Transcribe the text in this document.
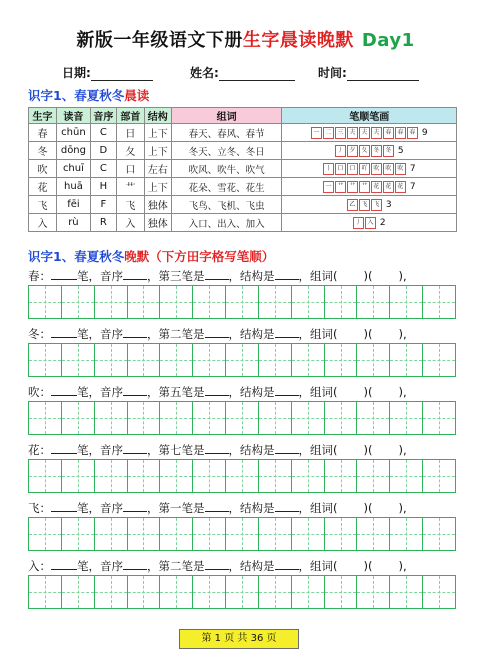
新版一年级语文下册生字晨读晚默 Day1
日期:	姓名:	时间:
识字1、春夏秋冬晨读
生字	读音	音序	部首	结构	组词	笔顺笔画
春	chūn	C	日	上下	春天、春风、春节	一 二 三 夫 夫 夫 春 春 春 9
冬	dōng	D	夂	上下	冬天、立冬、冬日	丿 夕 夂 冬 冬 5
吹	chuī	C	口	左右	吹风、吹牛、吹气	丨 口 口 吖 吹 吹 吹 7
花	huā	H	艹	上下	花朵、雪花、花生	一 艹 艹 艹 花 花 花 7
飞	fēi	F	飞	独体	飞鸟、飞机、飞虫	乙 飞 飞 3
入	rù	R	入	独体	入口、出入、加入	丿 入 2
识字1、春夏秋冬晚默（下方田字格写笔顺）
春： 笔，音序 ，第三笔是 ，结构是 ，组词( )( ),
冬： 笔，音序 ，第二笔是 ，结构是 ，组词( )( ),
吹： 笔，音序 ，第五笔是 ，结构是 ，组词( )( ),
花： 笔，音序 ，第七笔是 ，结构是 ，组词( )( ),
飞： 笔，音序 ，第一笔是 ，结构是 ，组词( )( ),
入： 笔，音序 ，第二笔是 ，结构是 ，组词( )( ),
第 1 页 共 36 页
